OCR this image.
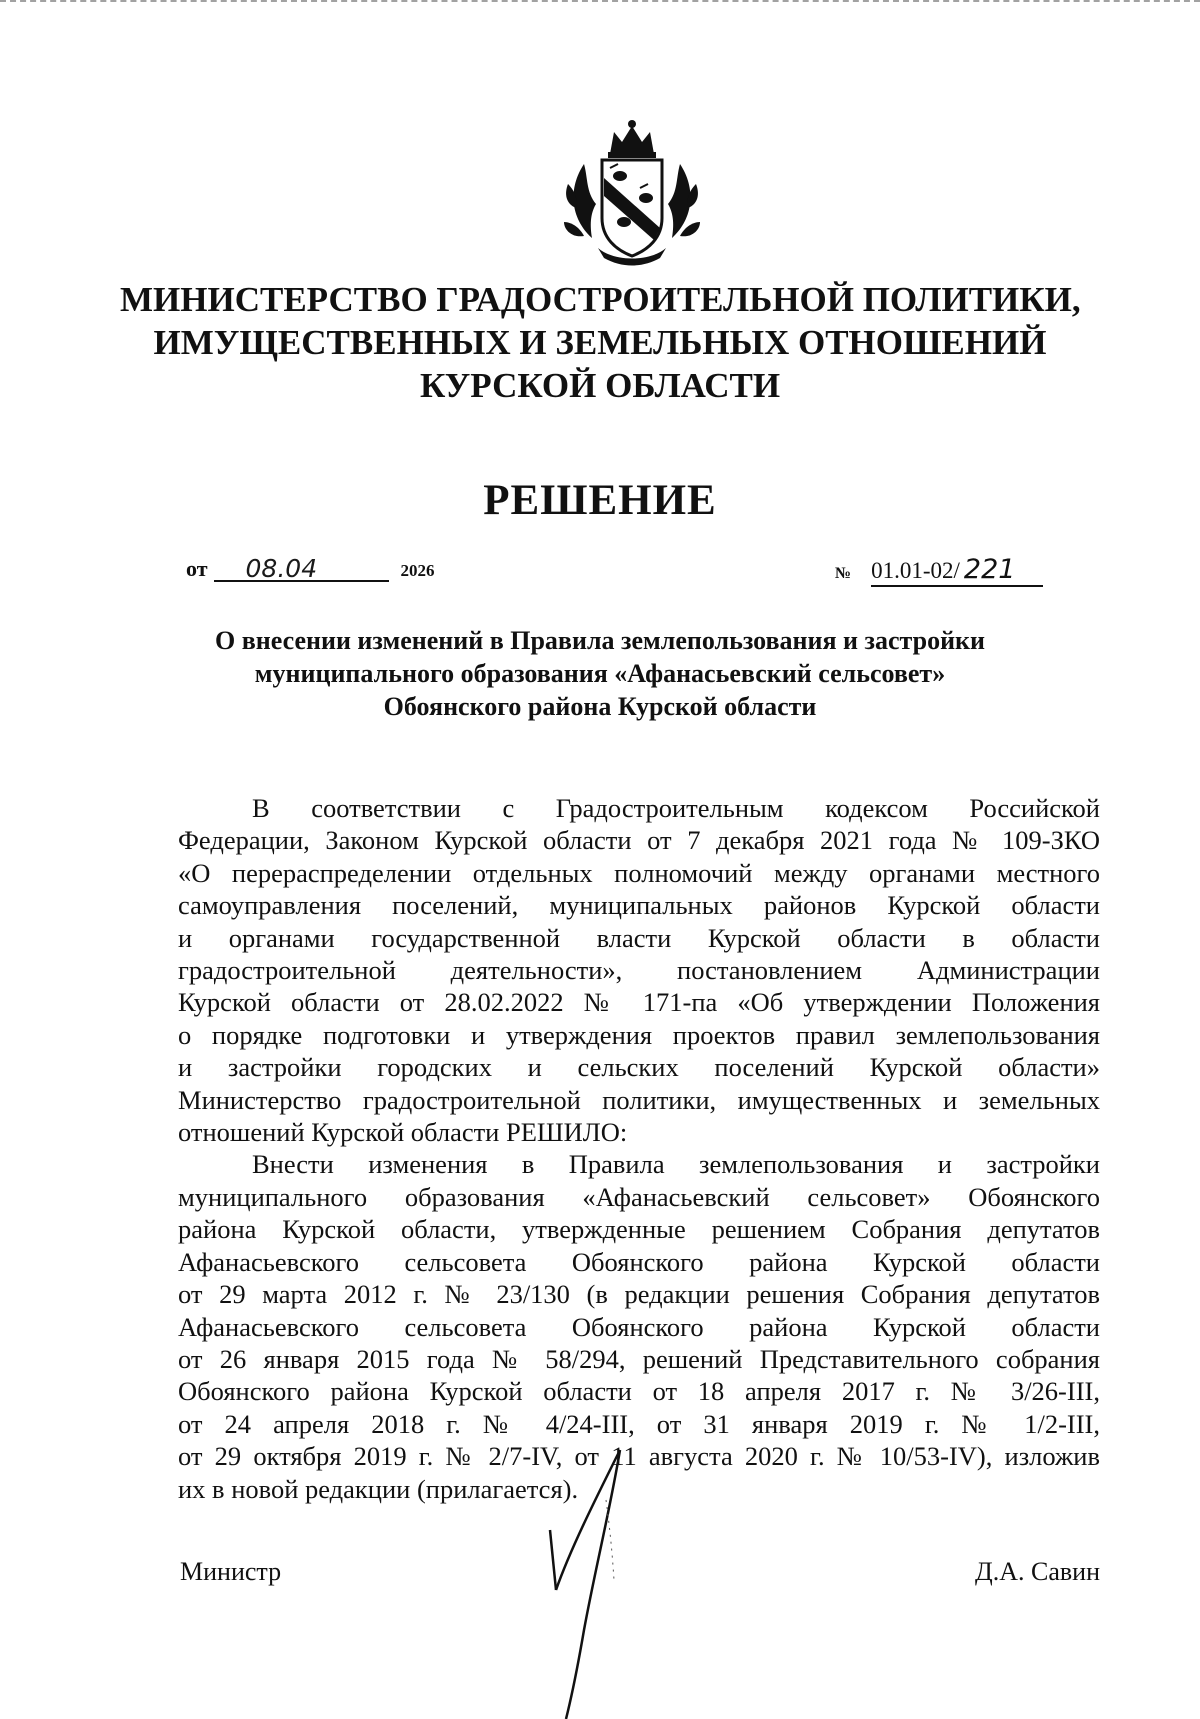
МИНИСТЕРСТВО ГРАДОСТРОИТЕЛЬНОЙ ПОЛИТИКИ,
ИМУЩЕСТВЕННЫХ И ЗЕМЕЛЬНЫХ ОТНОШЕНИЙ
КУРСКОЙ ОБЛАСТИ
РЕШЕНИЕ
от 08.04	2026	№ 01.01-02/ 221
О внесении изменений в Правила землепользования и застройки
муниципального образования «Афанасьевский сельсовет»
Обоянского района Курской области
В соответствии с Градостроительным кодексом Российской
Федерации, Законом Курской области от 7 декабря 2021 года № 109-ЗКО
«О перераспределении отдельных полномочий между органами местного
самоуправления поселений, муниципальных районов Курской области
и органами государственной власти Курской области в области
градостроительной деятельности», постановлением Администрации
Курской области от 28.02.2022 № 171-па «Об утверждении Положения
о порядке подготовки и утверждения проектов правил землепользования
и застройки городских и сельских поселений Курской области»
Министерство градостроительной политики, имущественных и земельных
отношений Курской области РЕШИЛО:
Внести изменения в Правила землепользования и застройки
муниципального образования «Афанасьевский сельсовет» Обоянского
района Курской области, утвержденные решением Собрания депутатов
Афанасьевского сельсовета Обоянского района Курской области
от 29 марта 2012 г. № 23/130 (в редакции решения Собрания депутатов
Афанасьевского сельсовета Обоянского района Курской области
от 26 января 2015 года № 58/294, решений Представительного собрания
Обоянского района Курской области от 18 апреля 2017 г. № 3/26-III,
от 24 апреля 2018 г. № 4/24-III, от 31 января 2019 г. № 1/2-III,
от 29 октября 2019 г. № 2/7-IV, от 11 августа 2020 г. № 10/53-IV), изложив
их в новой редакции (прилагается).
Министр	Д.А. Савин
